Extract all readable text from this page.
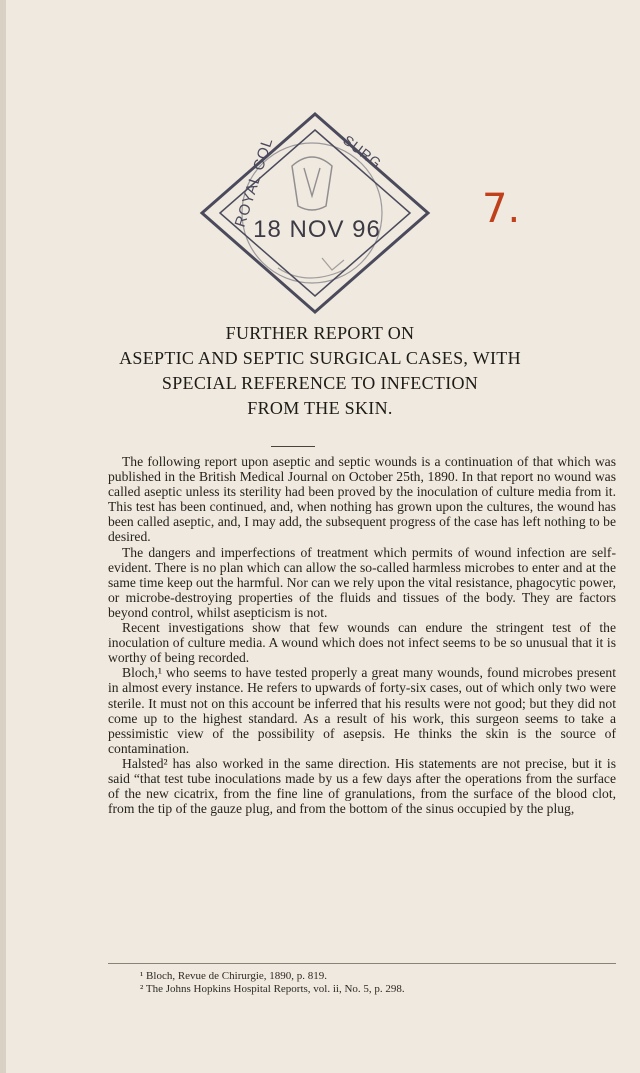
ROYAL COL	SURG
18 NOV 96	7.
FURTHER REPORT ON
ASEPTIC AND SEPTIC SURGICAL CASES, WITH
SPECIAL REFERENCE TO INFECTION
FROM THE SKIN.

The following report upon aseptic and septic wounds is a continuation of that which was published in the British Medical Journal on October 25th, 1890. In that report no wound was called aseptic unless its sterility had been proved by the inoculation of culture media from it. This test has been continued, and, when nothing has grown upon the cultures, the wound has been called aseptic, and, I may add, the subsequent progress of the case has left nothing to be desired.

The dangers and imperfections of treatment which permits of wound infection are self-evident. There is no plan which can allow the so-called harmless microbes to enter and at the same time keep out the harmful. Nor can we rely upon the vital resistance, phagocytic power, or microbe-destroying properties of the fluids and tissues of the body. They are factors beyond control, whilst asepticism is not.

Recent investigations show that few wounds can endure the stringent test of the inoculation of culture media. A wound which does not infect seems to be so unusual that it is worthy of being recorded.

Bloch,¹ who seems to have tested properly a great many wounds, found microbes present in almost every instance. He refers to upwards of forty-six cases, out of which only two were sterile. It must not on this account be inferred that his results were not good; but they did not come up to the highest standard. As a result of his work, this surgeon seems to take a pessimistic view of the possibility of asepsis. He thinks the skin is the source of contamination.

Halsted² has also worked in the same direction. His statements are not precise, but it is said “that test tube inoculations made by us a few days after the operations from the surface of the new cicatrix, from the fine line of granulations, from the surface of the blood clot, from the tip of the gauze plug, and from the bottom of the sinus occupied by the plug,

¹ Bloch, Revue de Chirurgie, 1890, p. 819.
² The Johns Hopkins Hospital Reports, vol. ii, No. 5, p. 298.
